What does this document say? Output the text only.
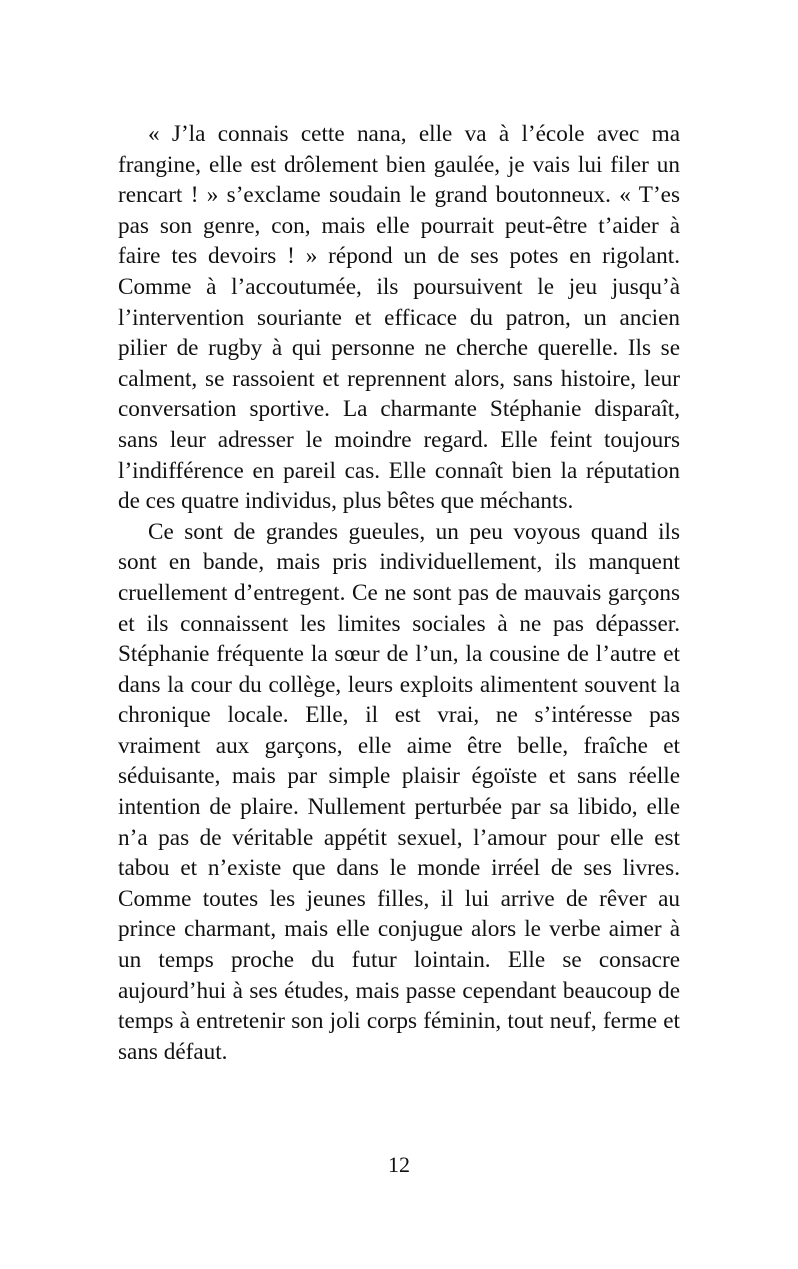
« J’la connais cette nana, elle va à l’école avec ma frangine, elle est drôlement bien gaulée, je vais lui filer un rencart ! » s’exclame soudain le grand boutonneux. « T’es pas son genre, con, mais elle pourrait peut-être t’aider à faire tes devoirs ! » répond un de ses potes en rigolant. Comme à l’accoutumée, ils poursuivent le jeu jusqu’à l’intervention souriante et efficace du patron, un ancien pilier de rugby à qui personne ne cherche querelle. Ils se calment, se rassoient et reprennent alors, sans histoire, leur conversation sportive. La charmante Stéphanie disparaît, sans leur adresser le moindre regard. Elle feint toujours l’indifférence en pareil cas. Elle connaît bien la réputation de ces quatre individus, plus bêtes que méchants.

Ce sont de grandes gueules, un peu voyous quand ils sont en bande, mais pris individuellement, ils manquent cruellement d’entregent. Ce ne sont pas de mauvais garçons et ils connaissent les limites sociales à ne pas dépasser. Stéphanie fréquente la sœur de l’un, la cousine de l’autre et dans la cour du collège, leurs exploits alimentent souvent la chronique locale. Elle, il est vrai, ne s’intéresse pas vraiment aux garçons, elle aime être belle, fraîche et séduisante, mais par simple plaisir égoïste et sans réelle intention de plaire. Nullement perturbée par sa libido, elle n’a pas de véritable appétit sexuel, l’amour pour elle est tabou et n’existe que dans le monde irréel de ses livres. Comme toutes les jeunes filles, il lui arrive de rêver au prince charmant, mais elle conjugue alors le verbe aimer à un temps proche du futur lointain. Elle se consacre aujourd’hui à ses études, mais passe cependant beaucoup de temps à entretenir son joli corps féminin, tout neuf, ferme et sans défaut.

12
